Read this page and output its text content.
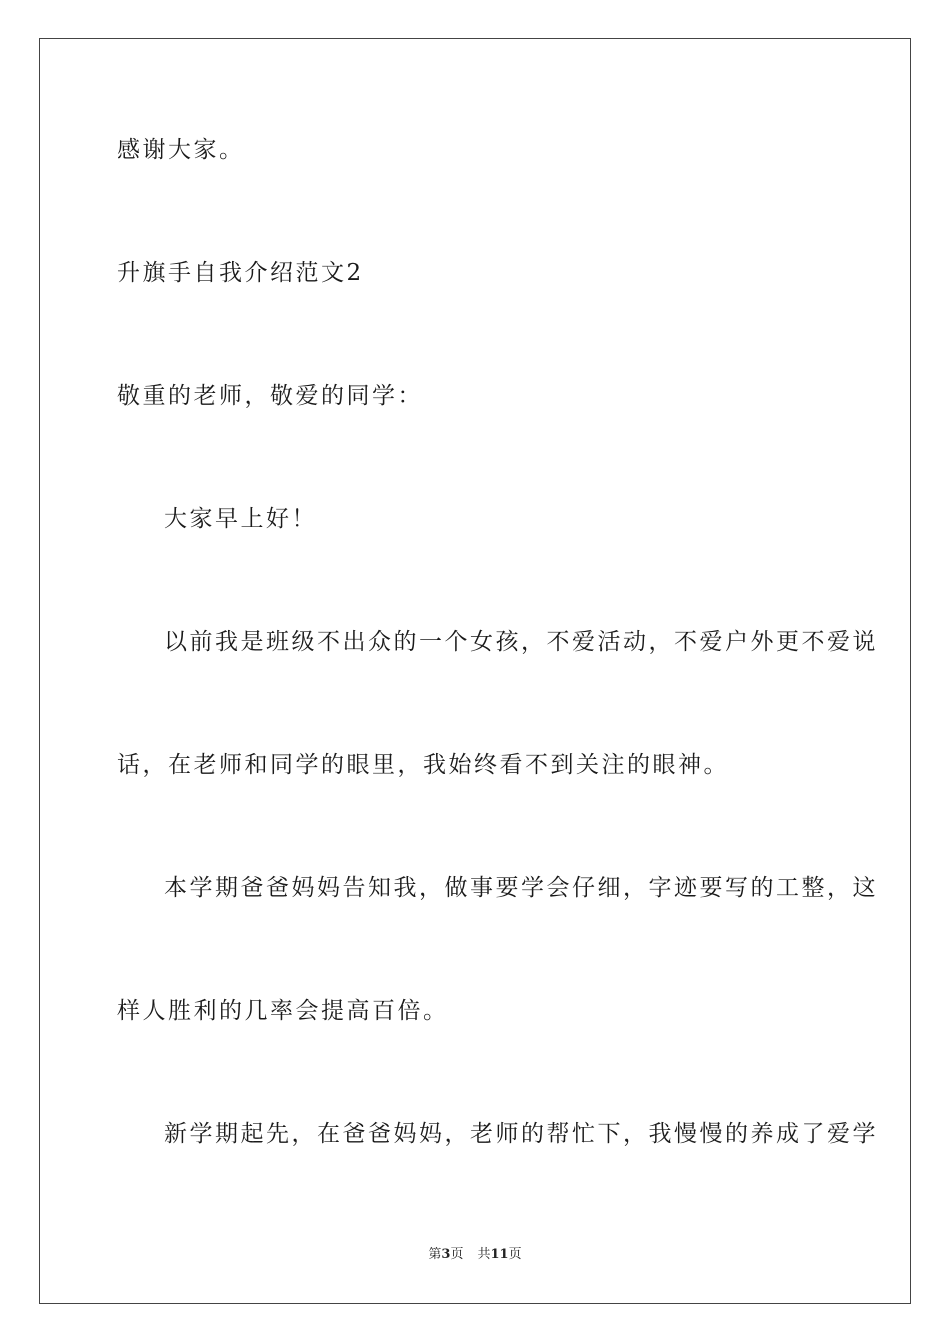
感谢大家。
升旗手自我介绍范文2
敬重的老师，敬爱的同学：
大家早上好！
以前我是班级不出众的一个女孩，不爱活动，不爱户外更不爱说
话，在老师和同学的眼里，我始终看不到关注的眼神。
本学期爸爸妈妈告知我，做事要学会仔细，字迹要写的工整，这
样人胜利的几率会提高百倍。
新学期起先，在爸爸妈妈，老师的帮忙下，我慢慢的养成了爱学
第3页 共11页
